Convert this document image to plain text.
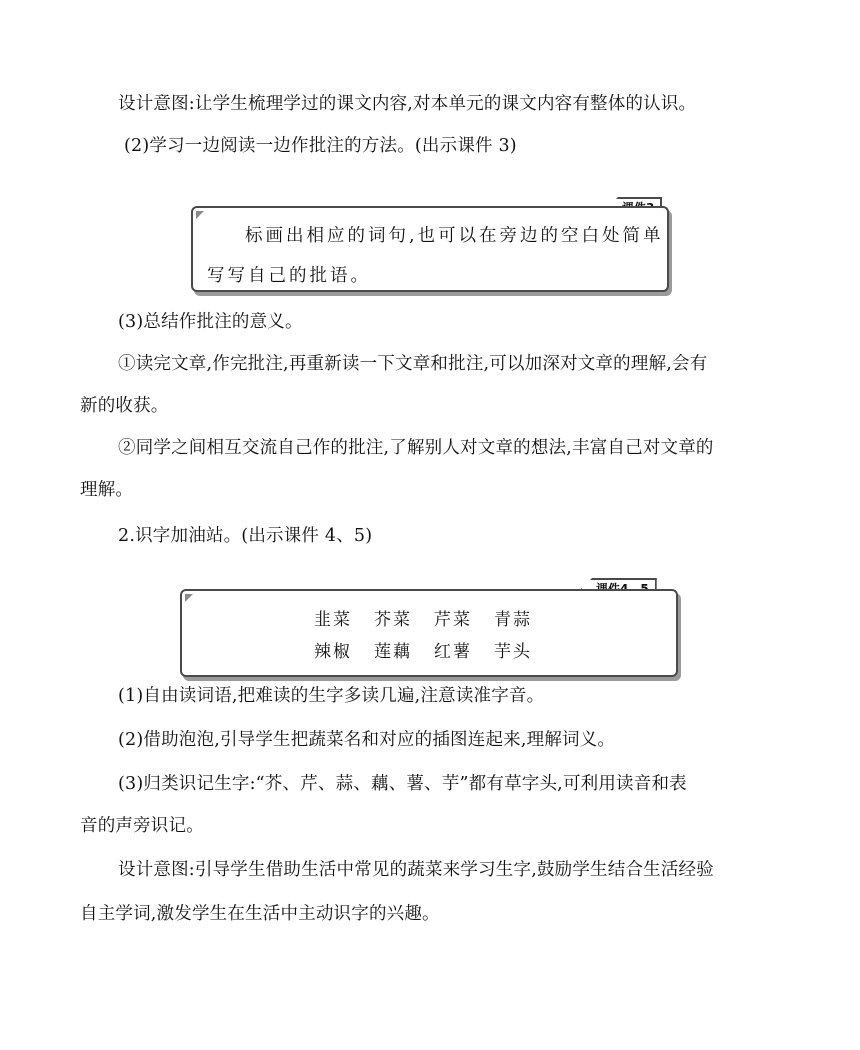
设计意图:让学生梳理学过的课文内容,对本单元的课文内容有整体的认识。
(2)学习一边阅读一边作批注的方法。(出示课件 3)
标画出相应的词句,也可以在旁边的空白处简单
写写自己的批语。
(3)总结作批注的意义。
①读完文章,作完批注,再重新读一下文章和批注,可以加深对文章的理解,会有
新的收获。
②同学之间相互交流自己作的批注,了解别人对文章的想法,丰富自己对文章的
理解。
2.识字加油站。(出示课件 4、5)
韭菜 芥菜 芹菜 青蒜
辣椒 莲藕 红薯 芋头
(1)自由读词语,把难读的生字多读几遍,注意读准字音。
(2)借助泡泡,引导学生把蔬菜名和对应的插图连起来,理解词义。
(3)归类识记生字:“芥、芹、蒜、藕、薯、芋”都有草字头,可利用读音和表
音的声旁识记。
设计意图:引导学生借助生活中常见的蔬菜来学习生字,鼓励学生结合生活经验
自主学词,激发学生在生活中主动识字的兴趣。
